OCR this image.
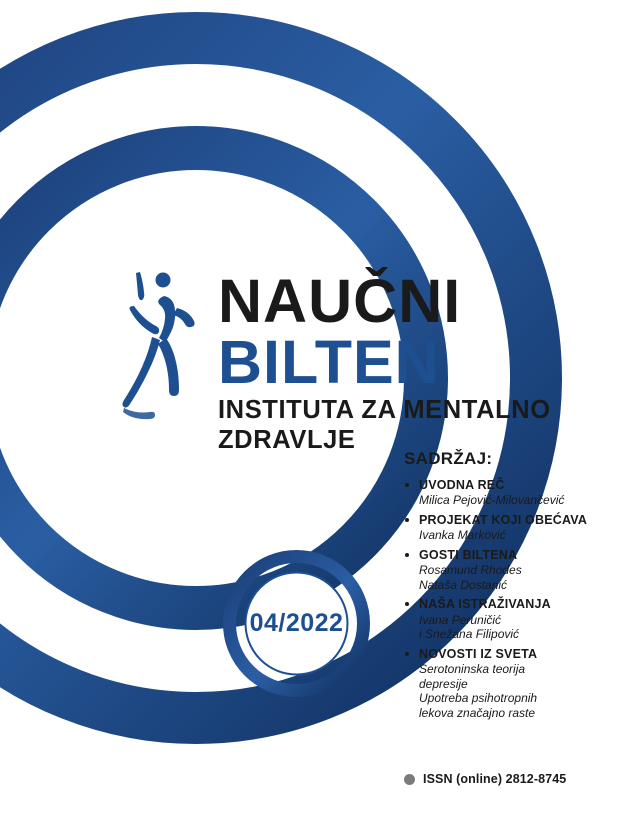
04/2022
NAUČNI
BILTEN
INSTITUTA ZA MENTALNO
ZDRAVLJE
SADRŽAJ:
UVODNA REČ
Milica Pejović-Milovančević
PROJEKAT KOJI OBEĆAVA
Ivanka Marković
GOSTI BILTENA
Rosamund Rhodes
Nataša Dostanić
NAŠA ISTRAŽIVANJA
Ivana Peruničić
i Snežana Filipović
NOVOSTI IZ SVETA
Serotoninska teorija
depresije
Upotreba psihotropnih
lekova značajno raste
ISSN (online) 2812-8745
